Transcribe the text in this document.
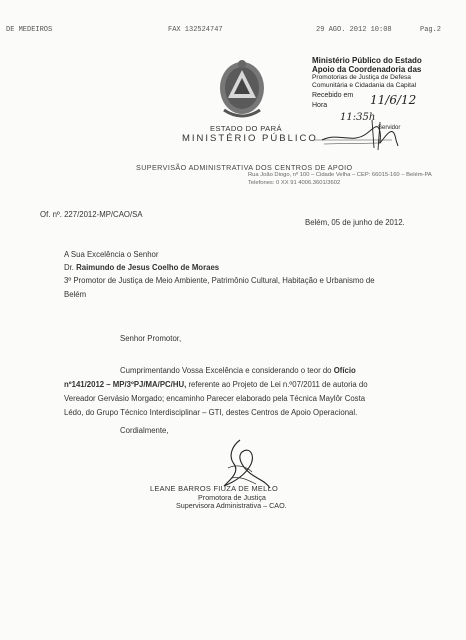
DE MEDEIROS	FAX 132524747	29 AGO. 2012 10:08	Pag.2
ESTADO DO PARÁ
MINISTÉRIO PÚBLICO
SUPERVISÃO ADMINISTRATIVA DOS CENTROS DE APOIO
Rua João Diogo, nº 100 – Cidade Velha – CEP: 66015-160 – Belém-PA
Telefones: 0 XX 91 4006.3601/3602
Ministério Público do Estado
Apoio da Coordenadoria das
Promotorias de Justiça de Defesa
Comunitária e Cidadania da Capital
Recebido em
Hora
Servidor
11/6/12
11:35h
Of. nº. 227/2012-MP/CAO/SA
Belém, 05 de junho de 2012.
A Sua Excelência o Senhor
Dr. Raimundo de Jesus Coelho de Moraes
3º Promotor de Justiça de Meio Ambiente, Patrimônio Cultural, Habitação e Urbanismo de
Belém
Senhor Promotor,
Cumprimentando Vossa Excelência e considerando o teor do Ofício
nº141/2012 – MP/3ºPJ/MA/PC/HU, referente ao Projeto de Lei n.º07/2011 de autoria do
Vereador Gervásio Morgado; encaminho Parecer elaborado pela Técnica Maylôr Costa
Lédo, do Grupo Técnico Interdisciplinar – GTI, destes Centros de Apoio Operacional.
Cordialmente,
LEANE BARROS FIUZA DE MELLO
Promotora de Justiça
Supervisora Administrativa – CAO.
